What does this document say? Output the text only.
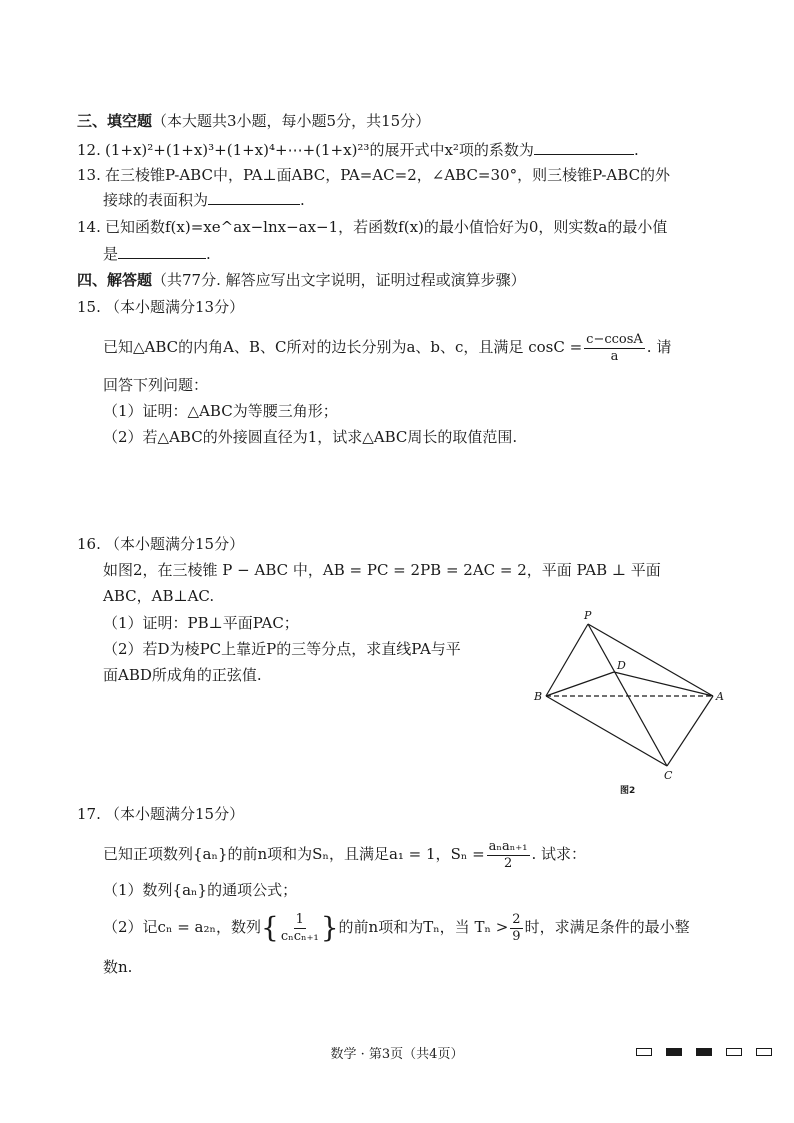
三、填空题（本大题共3小题，每小题5分，共15分）
12. (1+x)²+(1+x)³+(1+x)⁴+⋯+(1+x)²³的展开式中x²项的系数为	.
13. 在三棱锥P-ABC中，PA⊥面ABC，PA=AC=2，∠ABC=30°，则三棱锥P-ABC的外
接球的表面积为	.
14. 已知函数f(x)=xe^ax−lnx−ax−1，若函数f(x)的最小值恰好为0，则实数a的最小值
是	.
四、解答题（共77分. 解答应写出文字说明，证明过程或演算步骤）
15. （本小题满分13分）
已知△ABC的内角A、B、C所对的边长分别为a、b、c，且满足 $\cos C = \frac{c-ccosA}{a}$ . 请
回答下列问题：
（1）证明：△ABC为等腰三角形；
（2）若△ABC的外接圆直径为1，试求△ABC周长的取值范围.
16. （本小题满分15分）
如图2，在三棱锥 P − ABC 中，AB = PC = 2PB = 2AC = 2，平面 PAB ⊥ 平面
ABC，AB⊥AC.
（1）证明：PB⊥平面PAC；
（2）若D为棱PC上靠近P的三等分点，求直线PA与平
面ABD所成角的正弦值.
P
D
B	A
C
图2
17. （本小题满分15分）
已知正项数列{aₙ}的前n项和为Sₙ，且满足a₁ = 1，$S_n = \frac{\text{aₙaₙ₊₁}}{2}$ . 试求：
（1）数列{aₙ}的通项公式；
（2）记cₙ = a₂ₙ，数列{ $\frac{1}{\text{cₙcₙ₊₁}}$ }的前n项和为Tₙ，当 $T_n > \frac{2}{9}$ 时，求满足条件的最小整
数n.
数学 · 第3页（共4页）
